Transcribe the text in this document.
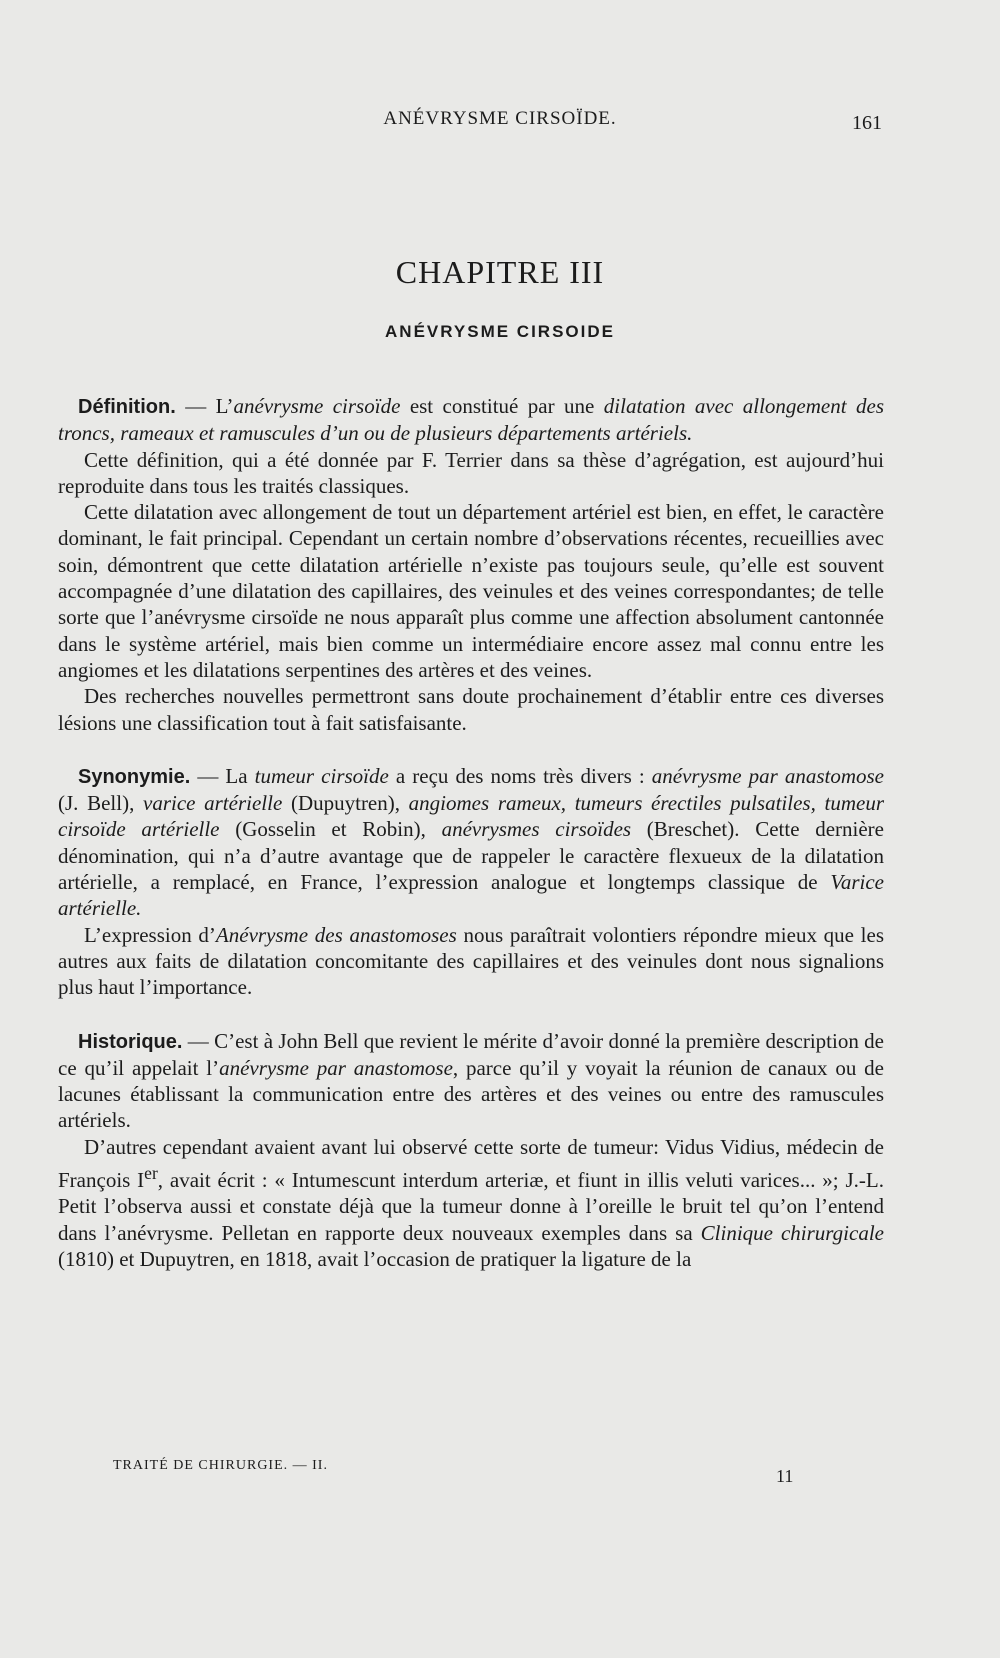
ANÉVRYSME CIRSOÏDE.	161
CHAPITRE III
ANÉVRYSME CIRSOIDE

Définition. — L’anévrysme cirsoïde est constitué par une dilatation avec allongement des troncs, rameaux et ramuscules d’un ou de plusieurs départements artériels.

Cette définition, qui a été donnée par F. Terrier dans sa thèse d’agrégation, est aujourd’hui reproduite dans tous les traités classiques.

Cette dilatation avec allongement de tout un département artériel est bien, en effet, le caractère dominant, le fait principal. Cependant un certain nombre d’observations récentes, recueillies avec soin, démontrent que cette dilatation artérielle n’existe pas toujours seule, qu’elle est souvent accompagnée d’une dilatation des capillaires, des veinules et des veines correspondantes; de telle sorte que l’anévrysme cirsoïde ne nous apparaît plus comme une affection absolument cantonnée dans le système artériel, mais bien comme un intermédiaire encore assez mal connu entre les angiomes et les dilatations serpentines des artères et des veines.

Des recherches nouvelles permettront sans doute prochainement d’établir entre ces diverses lésions une classification tout à fait satisfaisante.

Synonymie. — La tumeur cirsoïde a reçu des noms très divers : anévrysme par anastomose (J. Bell), varice artérielle (Dupuytren), angiomes rameux, tumeurs érectiles pulsatiles, tumeur cirsoïde artérielle (Gosselin et Robin), anévrysmes cirsoïdes (Breschet). Cette dernière dénomination, qui n’a d’autre avantage que de rappeler le caractère flexueux de la dilatation artérielle, a remplacé, en France, l’expression analogue et longtemps classique de Varice artérielle.

L’expression d’Anévrysme des anastomoses nous paraîtrait volontiers répondre mieux que les autres aux faits de dilatation concomitante des capillaires et des veinules dont nous signalions plus haut l’importance.

Historique. — C’est à John Bell que revient le mérite d’avoir donné la première description de ce qu’il appelait l’anévrysme par anastomose, parce qu’il y voyait la réunion de canaux ou de lacunes établissant la communication entre des artères et des veines ou entre des ramuscules artériels.

D’autres cependant avaient avant lui observé cette sorte de tumeur: Vidus Vidius, médecin de François Ier, avait écrit : « Intumescunt interdum arteriæ, et fiunt in illis veluti varices... »; J.-L. Petit l’observa aussi et constate déjà que la tumeur donne à l’oreille le bruit tel qu’on l’entend dans l’anévrysme. Pelletan en rapporte deux nouveaux exemples dans sa Clinique chirurgicale (1810) et Dupuytren, en 1818, avait l’occasion de pratiquer la ligature de la

TRAITÉ DE CHIRURGIE. — II.
11
